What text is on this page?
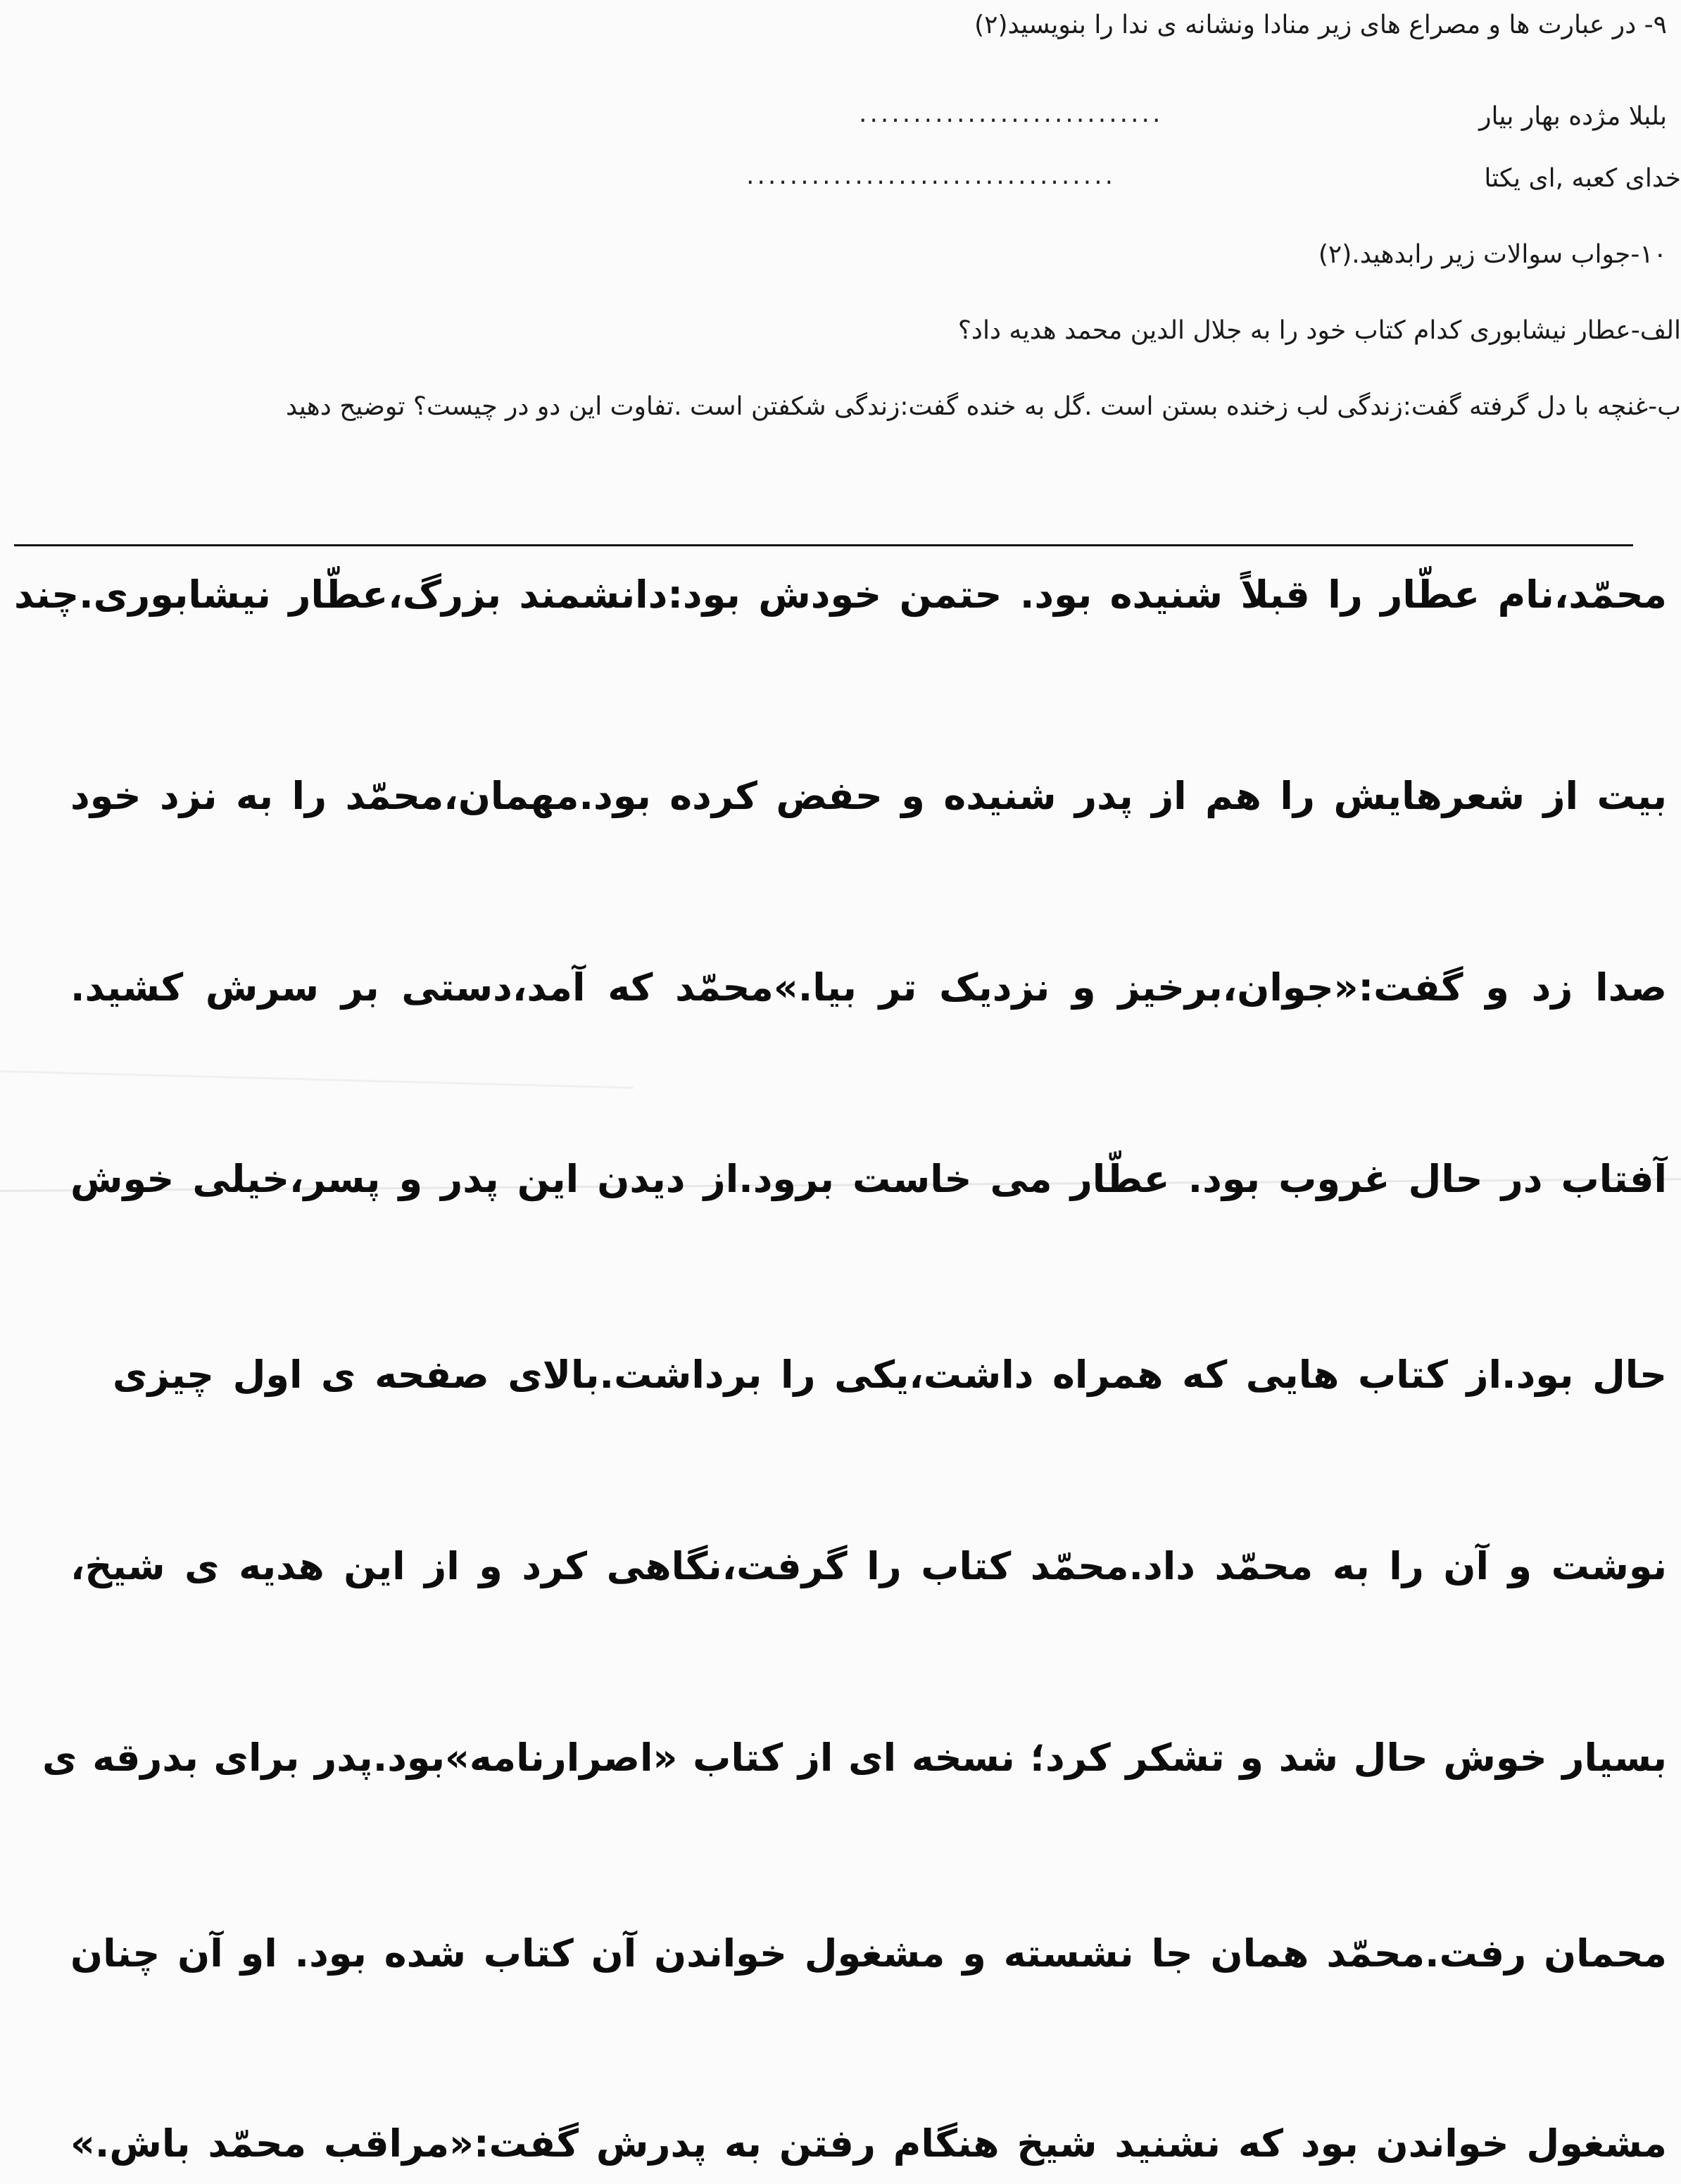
۹- در عبارت ها و مصراع های زیر منادا ونشانه ی ندا را بنویسید(۲)
بلبلا مژده بهار بیار
............................
خدای کعبه ,ای یکتا
..................................
۱۰-جواب سوالات زیر رابدهید.(۲)
الف-عطار نیشابوری کدام کتاب خود را به جلال الدین محمد هدیه داد؟
ب-غنچه با دل گرفته گفت:زندگی لب زخنده بستن است .گل به خنده گفت:زندگی شکفتن است .تفاوت این دو در چیست؟ توضیح دهید
محمّد،نام عطّار را قبلاً شنیده بود. حتمن خودش بود:دانشمند بزرگ،عطّار نیشابوری.چند
بیت از شعرهایش را هم از پدر شنیده و حفض کرده بود.مهمان،محمّد را به نزد خود
صدا زد و گفت:«جوان،برخیز و نزدیک تر بیا.»محمّد که آمد،دستی بر سرش کشید.
آفتاب در حال غروب بود. عطّار می خاست برود.از دیدن این پدر و پسر،خیلی خوش
حال بود.از کتاب هایی که همراه داشت،یکی را برداشت.بالای صفحه ی اول چیزی
نوشت و آن را به محمّد داد.محمّد کتاب را گرفت،نگاهی کرد و از این هدیه ی شیخ،
بسیار خوش حال شد و تشکر کرد؛ نسخه ای از کتاب «اصرارنامه»بود.پدر برای بدرقه ی
محمان رفت.محمّد همان جا نشسته و مشغول خواندن آن کتاب شده بود. او آن چنان
مشغول خواندن بود که نشنید شیخ هنگام رفتن به پدرش گفت:«مراقب محمّد باش.»
